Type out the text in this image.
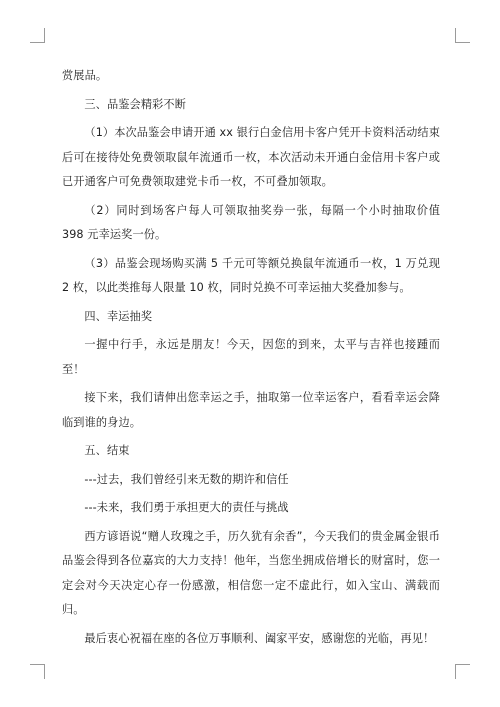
赏展品。

三、品鉴会精彩不断

（1）本次品鉴会申请开通 xx 银行白金信用卡客户凭开卡资料活动结束后可在接待处免费领取鼠年流通币一枚，本次活动未开通白金信用卡客户或已开通客户可免费领取建党卡币一枚，不可叠加领取。

（2）同时到场客户每人可领取抽奖券一张，每隔一个小时抽取价值 398 元幸运奖一份。

（3）品鉴会现场购买满 5 千元可等额兑换鼠年流通币一枚，1 万兑现 2 枚，以此类推每人限量 10 枚，同时兑换不可幸运抽大奖叠加参与。

四、幸运抽奖

一握中行手，永远是朋友！今天，因您的到来，太平与吉祥也接踵而至！

接下来，我们请伸出您幸运之手，抽取第一位幸运客户，看看幸运会降临到谁的身边。

五、结束

---过去，我们曾经引来无数的期许和信任

---未来，我们勇于承担更大的责任与挑战

西方谚语说“赠人玫瑰之手，历久犹有余香”，今天我们的贵金属金银币品鉴会得到各位嘉宾的大力支持！他年，当您坐拥成倍增长的财富时，您一定会对今天决定心存一份感激，相信您一定不虚此行，如入宝山、满载而归。

最后衷心祝福在座的各位万事顺利、阖家平安，感谢您的光临，再见！
